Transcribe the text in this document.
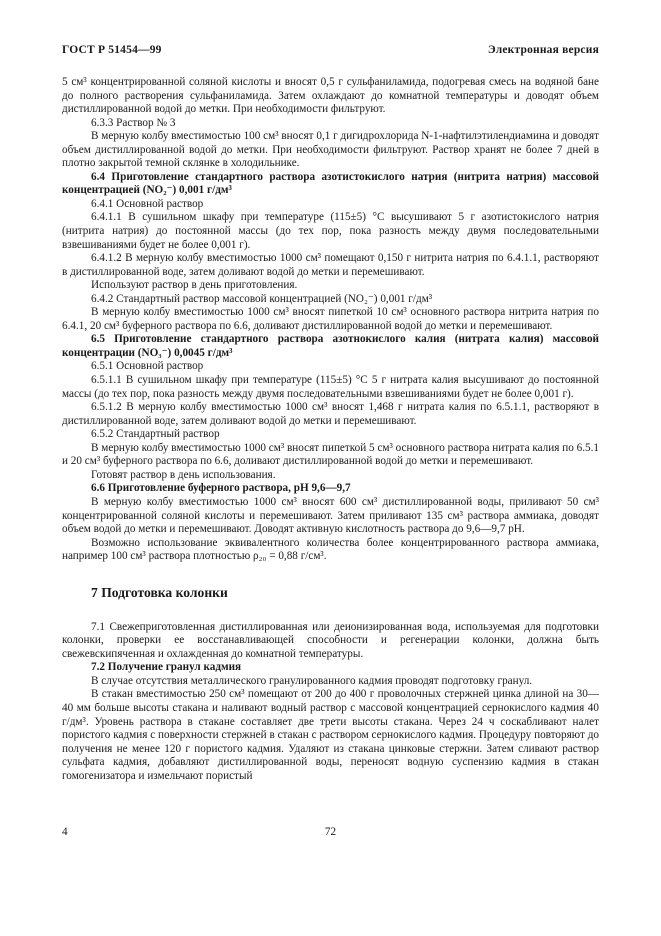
ГОСТ Р 51454—99	Электронная версия

5 см³ концентрированной соляной кислоты и вносят 0,5 г сульфаниламида, подогревая смесь на водяной бане до полного растворения сульфаниламида. Затем охлаждают до комнатной температуры и доводят объем дистиллированной водой до метки. При необходимости фильтруют.

6.3.3 Раствор № 3

В мерную колбу вместимостью 100 см³ вносят 0,1 г дигидрохлорида N-1-нафтилэтилендиамина и доводят объем дистиллированной водой до метки. При необходимости фильтруют. Раствор хранят не более 7 дней в плотно закрытой темной склянке в холодильнике.

6.4 Приготовление стандартного раствора азотистокислого натрия (нитрита натрия) массовой концентрацией (NO₂⁻) 0,001 г/дм³

6.4.1 Основной раствор

6.4.1.1 В сушильном шкафу при температуре (115±5) °С высушивают 5 г азотистокислого натрия (нитрита натрия) до постоянной массы (до тех пор, пока разность между двумя последовательными взвешиваниями будет не более 0,001 г).

6.4.1.2 В мерную колбу вместимостью 1000 см³ помещают 0,150 г нитрита натрия по 6.4.1.1, растворяют в дистиллированной воде, затем доливают водой до метки и перемешивают.

Используют раствор в день приготовления.

6.4.2 Стандартный раствор массовой концентрацией (NO₂⁻) 0,001 г/дм³

В мерную колбу вместимостью 1000 см³ вносят пипеткой 10 см³ основного раствора нитрита натрия по 6.4.1, 20 см³ буферного раствора по 6.6, доливают дистиллированной водой до метки и перемешивают.

6.5 Приготовление стандартного раствора азотнокислого калия (нитрата калия) массовой концентрации (NO₃⁻) 0,0045 г/дм³

6.5.1 Основной раствор

6.5.1.1 В сушильном шкафу при температуре (115±5) °С 5 г нитрата калия высушивают до постоянной массы (до тех пор, пока разность между двумя последовательными взвешиваниями будет не более 0,001 г).

6.5.1.2 В мерную колбу вместимостью 1000 см³ вносят 1,468 г нитрата калия по 6.5.1.1, растворяют в дистиллированной воде, затем доливают водой до метки и перемешивают.

6.5.2 Стандартный раствор

В мерную колбу вместимостью 1000 см³ вносят пипеткой 5 см³ основного раствора нитрата калия по 6.5.1 и 20 см³ буферного раствора по 6.6, доливают дистиллированной водой до метки и перемешивают.

Готовят раствор в день использования.

6.6 Приготовление буферного раствора, pH 9,6—9,7

В мерную колбу вместимостью 1000 см³ вносят 600 см³ дистиллированной воды, приливают 50 см³ концентрированной соляной кислоты и перемешивают. Затем приливают 135 см³ раствора аммиака, доводят объем водой до метки и перемешивают. Доводят активную кислотность раствора до 9,6—9,7 pH.

Возможно использование эквивалентного количества более концентрированного раствора аммиака, например 100 см³ раствора плотностью ρ₂₀ = 0,88 г/см³.

7 Подготовка колонки

7.1 Свежеприготовленная дистиллированная или деионизированная вода, используемая для подготовки колонки, проверки ее восстанавливающей способности и регенерации колонки, должна быть свежевскипяченная и охлажденная до комнатной температуры.

7.2 Получение гранул кадмия

В случае отсутствия металлического гранулированного кадмия проводят подготовку гранул.

В стакан вместимостью 250 см³ помещают от 200 до 400 г проволочных стержней цинка длиной на 30—40 мм больше высоты стакана и наливают водный раствор с массовой концентрацией сернокислого кадмия 40 г/дм³. Уровень раствора в стакане составляет две трети высоты стакана. Через 24 ч соскабливают налет пористого кадмия с поверхности стержней в стакан с раствором сернокислого кадмия. Процедуру повторяют до получения не менее 120 г пористого кадмия. Удаляют из стакана цинковые стержни. Затем сливают раствор сульфата кадмия, добавляют дистиллированной воды, переносят водную суспензию кадмия в стакан гомогенизатора и измельчают пористый

4	72
